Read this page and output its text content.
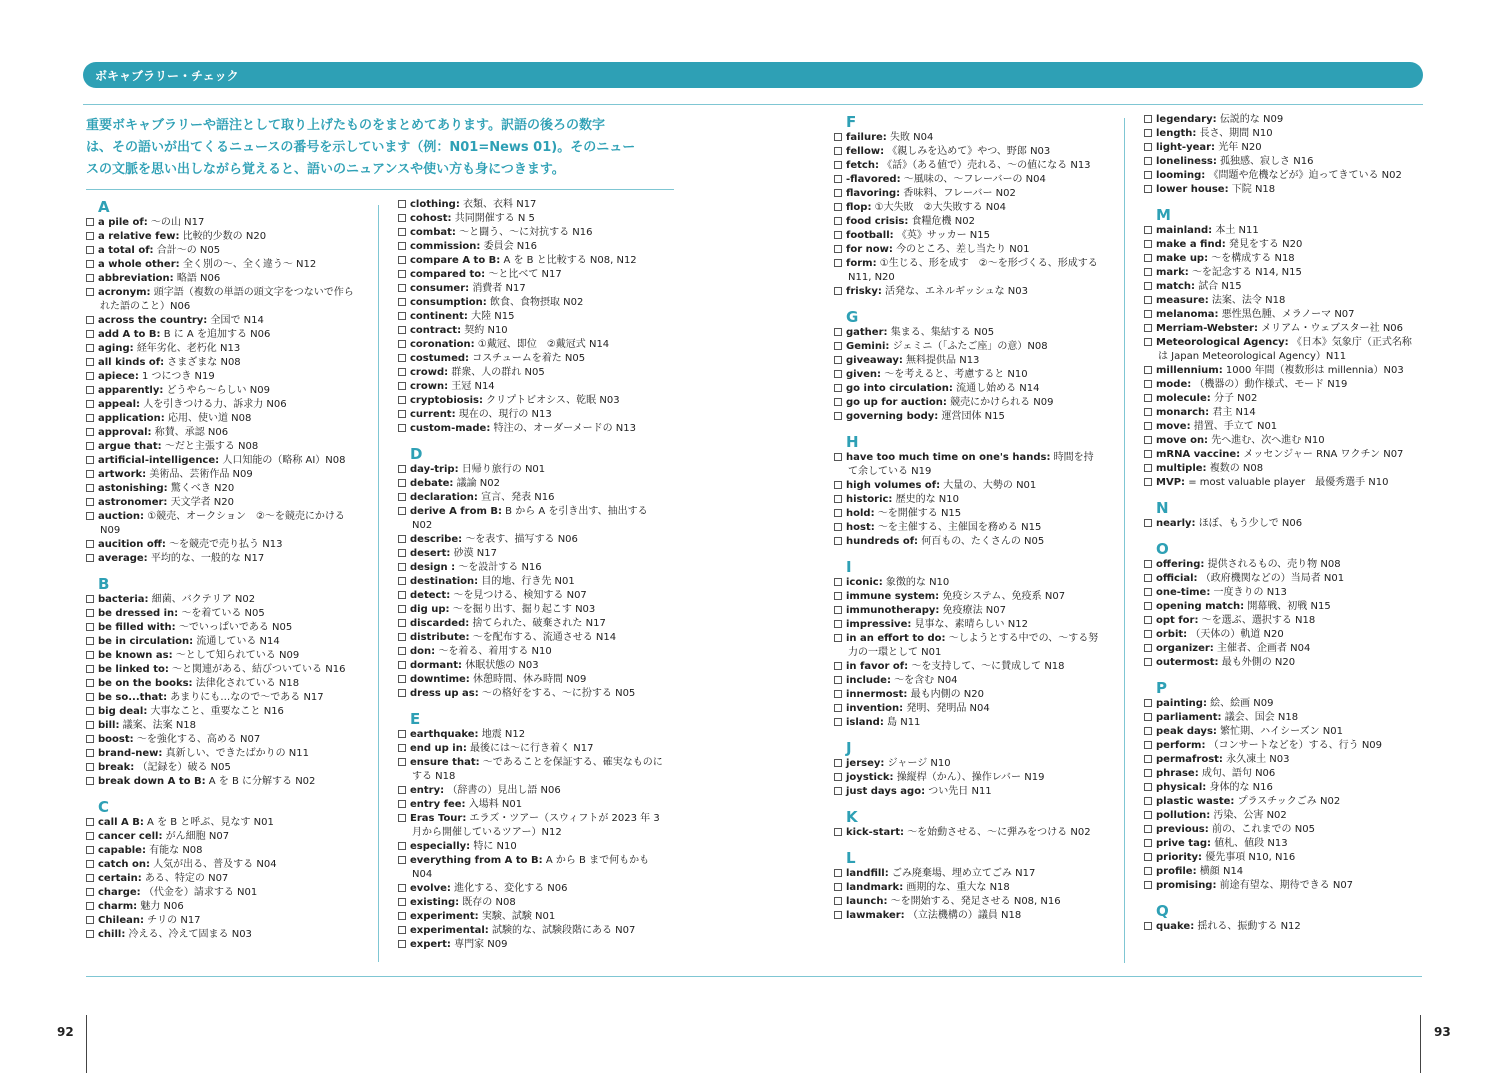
ボキャブラリー・チェック
重要ボキャブラリーや語注として取り上げたものをまとめてあります。訳語の後ろの数字
は、その語いが出てくるニュースの番号を示しています（例：N01=News 01)。そのニュー
スの文脈を思い出しながら覚えると、語いのニュアンスや使い方も身につきます。
A
a pile of: ～の山 N17
a relative few: 比較的少数の N20
a total of: 合計～の N05
a whole other: 全く別の～、全く違う～ N12
abbreviation: 略語 N06
acronym: 頭字語（複数の単語の頭文字をつないで作られた語のこと）N06
across the country: 全国で N14
add A to B: B に A を追加する N06
aging: 経年劣化、老朽化 N13
all kinds of: さまざまな N08
apiece: 1 つにつき N19
apparently: どうやら～らしい N09
appeal: 人を引きつける力、訴求力 N06
application: 応用、使い道 N08
approval: 称賛、承認 N06
argue that: ～だと主張する N08
artificial-intelligence: 人口知能の（略称 AI）N08
artwork: 美術品、芸術作品 N09
astonishing: 驚くべき N20
astronomer: 天文学者 N20
auction: ①競売、オークション　②～を競売にかける N09
aucition off: ～を競売で売り払う N13
average: 平均的な、一般的な N17
B
bacteria: 細菌、バクテリア N02
be dressed in: ～を着ている N05
be filled with: ～でいっぱいである N05
be in circulation: 流通している N14
be known as: ～として知られている N09
be linked to: ～と関連がある、結びついている N16
be on the books: 法律化されている N18
be so...that: あまりにも…なので～である N17
big deal: 大事なこと、重要なこと N16
bill: 議案、法案 N18
boost: ～を強化する、高める N07
brand-new: 真新しい、できたばかりの N11
break: （記録を）破る N05
break down A to B: A を B に分解する N02
C
call A B: A を B と呼ぶ、見なす N01
cancer cell: がん細胞 N07
capable: 有能な N08
catch on: 人気が出る、普及する N04
certain: ある、特定の N07
charge: （代金を）請求する N01
charm: 魅力 N06
Chilean: チリの N17
chill: 冷える、冷えて固まる N03
clothing: 衣類、衣料 N17
cohost: 共同開催する N 5
combat: ～と闘う、～に対抗する N16
commission: 委員会 N16
compare A to B: A を B と比較する N08, N12
compared to: ～と比べて N17
consumer: 消費者 N17
consumption: 飲食、食物摂取 N02
continent: 大陸 N15
contract: 契約 N10
coronation: ①戴冠、即位　②戴冠式 N14
costumed: コスチュームを着た N05
crowd: 群衆、人の群れ N05
crown: 王冠 N14
cryptobiosis: クリプトビオシス、乾眠 N03
current: 現在の、現行の N13
custom-made: 特注の、オーダーメードの N13
D
day-trip: 日帰り旅行の N01
debate: 議論 N02
declaration: 宣言、発表 N16
derive A from B: B から A を引き出す、抽出する N02
describe: ～を表す、描写する N06
desert: 砂漠 N17
design : ～を設計する N16
destination: 目的地、行き先 N01
detect: ～を見つける、検知する N07
dig up: ～を掘り出す、掘り起こす N03
discarded: 捨てられた、破棄された N17
distribute: ～を配布する、流通させる N14
don: ～を着る、着用する N10
dormant: 休眠状態の N03
downtime: 休憩時間、休み時間 N09
dress up as: ～の格好をする、～に扮する N05
E
earthquake: 地震 N12
end up in: 最後には～に行き着く N17
ensure that: ～であることを保証する、確実なものにする N18
entry: （辞書の）見出し語 N06
entry fee: 入場料 N01
Eras Tour: エラズ・ツアー（スウィフトが 2023 年 3 月から開催しているツアー）N12
especially: 特に N10
everything from A to B: A から B まで何もかも N04
evolve: 進化する、変化する N06
existing: 既存の N08
experiment: 実験、試験 N01
experimental: 試験的な、試験段階にある N07
expert: 専門家 N09
F
failure: 失敗 N04
fellow: 《親しみを込めて》やつ、野郎 N03
fetch: 《話》（ある値で）売れる、～の値になる N13
-flavored: ～風味の、～フレーバーの N04
flavoring: 香味料、フレーバー N02
flop: ①大失敗　②大失敗する N04
food crisis: 食糧危機 N02
football: 《英》サッカー N15
for now: 今のところ、差し当たり N01
form: ①生じる、形を成す　②～を形づくる、形成する N11, N20
frisky: 活発な、エネルギッシュな N03
G
gather: 集まる、集結する N05
Gemini: ジェミニ（「ふたご座」の意）N08
giveaway: 無料提供品 N13
given: ～を考えると、考慮すると N10
go into circulation: 流通し始める N14
go up for auction: 競売にかけられる N09
governing body: 運営団体 N15
H
have too much time on one's hands: 時間を持て余している N19
high volumes of: 大量の、大勢の N01
historic: 歴史的な N10
hold: ～を開催する N15
host: ～を主催する、主催国を務める N15
hundreds of: 何百もの、たくさんの N05
I
iconic: 象徴的な N10
immune system: 免疫システム、免疫系 N07
immunotherapy: 免疫療法 N07
impressive: 見事な、素晴らしい N12
in an effort to do: ～しようとする中での、～する努力の一環として N01
in favor of: ～を支持して、～に賛成して N18
include: ～を含む N04
innermost: 最も内側の N20
invention: 発明、発明品 N04
island: 島 N11
J
jersey: ジャージ N10
joystick: 操縦桿（かん）、操作レバー N19
just days ago: つい先日 N11
K
kick-start: ～を始動させる、～に弾みをつける N02
L
landfill: ごみ廃棄場、埋め立てごみ N17
landmark: 画期的な、重大な N18
launch: ～を開始する、発足させる N08, N16
lawmaker: （立法機構の）議員 N18
legendary: 伝説的な N09
length: 長さ、期間 N10
light-year: 光年 N20
loneliness: 孤独感、寂しさ N16
looming: 《問題や危機などが》迫ってきている N02
lower house: 下院 N18
M
mainland: 本土 N11
make a find: 発見をする N20
make up: ～を構成する N18
mark: ～を記念する N14, N15
match: 試合 N15
measure: 法案、法令 N18
melanoma: 悪性黒色腫、メラノーマ N07
Merriam-Webster: メリアム・ウェブスター社 N06
Meteorological Agency: 《日本》気象庁（正式名称は Japan Meteorological Agency）N11
millennium: 1000 年間（複数形は millennia）N03
mode: （機器の）動作様式、モード N19
molecule: 分子 N02
monarch: 君主 N14
move: 措置、手立て N01
move on: 先へ進む、次へ進む N10
mRNA vaccine: メッセンジャー RNA ワクチン N07
multiple: 複数の N08
MVP: = most valuable player　最優秀選手 N10
N
nearly: ほぼ、もう少しで N06
O
offering: 提供されるもの、売り物 N08
official: （政府機関などの）当局者 N01
one-time: 一度きりの N13
opening match: 開幕戦、初戦 N15
opt for: ～を選ぶ、選択する N18
orbit: （天体の）軌道 N20
organizer: 主催者、企画者 N04
outermost: 最も外側の N20
P
painting: 絵、絵画 N09
parliament: 議会、国会 N18
peak days: 繁忙期、ハイシーズン N01
perform: （コンサートなどを）する、行う N09
permafrost: 永久凍土 N03
phrase: 成句、語句 N06
physical: 身体的な N16
plastic waste: プラスチックごみ N02
pollution: 汚染、公害 N02
previous: 前の、これまでの N05
prive tag: 値札、値段 N13
priority: 優先事項 N10, N16
profile: 横顔 N14
promising: 前途有望な、期待できる N07
Q
quake: 揺れる、振動する N12
92	93
